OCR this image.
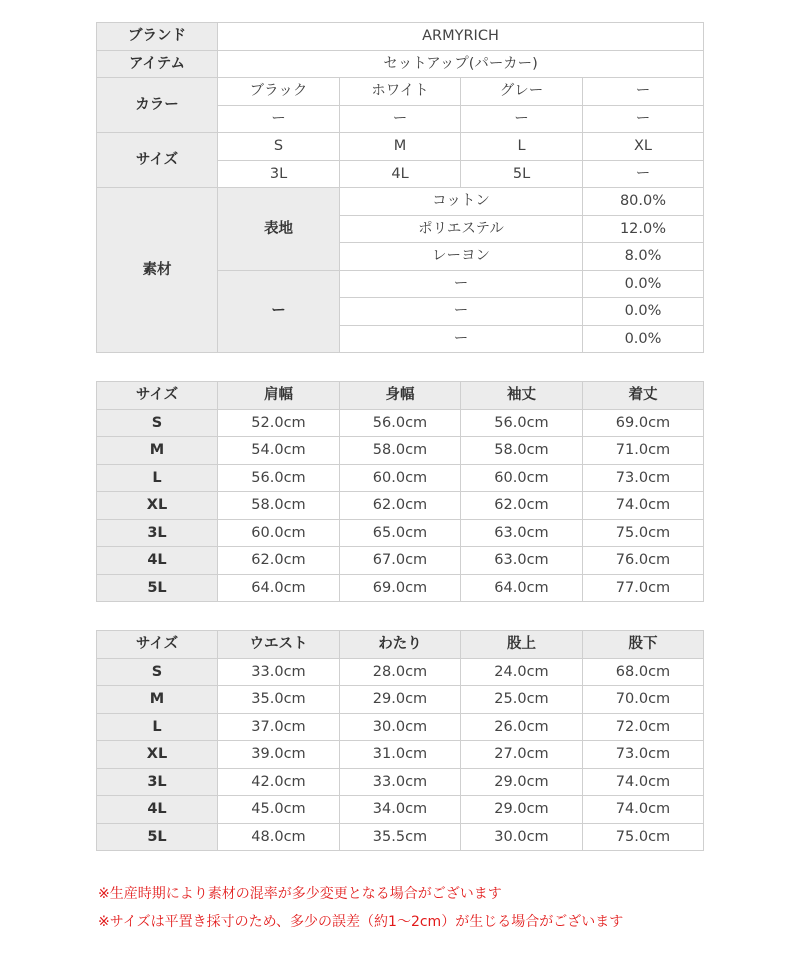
ブランド	ARMYRICH			
アイテム	セットアップ(パーカー)			
カラー	ブラック	ホワイト	グレー	ー
	ー	ー	ー	ー
サイズ	S	M	L	XL
	3L	4L	5L	ー
素材	表地	コットン		80.0%
		ポリエステル		12.0%
		レーヨン		8.0%
	ー	ー		0.0%
		ー		0.0%
		ー		0.0%
サイズ	肩幅	身幅	袖丈	着丈
S	52.0cm	56.0cm	56.0cm	69.0cm
M	54.0cm	58.0cm	58.0cm	71.0cm
L	56.0cm	60.0cm	60.0cm	73.0cm
XL	58.0cm	62.0cm	62.0cm	74.0cm
3L	60.0cm	65.0cm	63.0cm	75.0cm
4L	62.0cm	67.0cm	63.0cm	76.0cm
5L	64.0cm	69.0cm	64.0cm	77.0cm
サイズ	ウエスト	わたり	股上	股下
S	33.0cm	28.0cm	24.0cm	68.0cm
M	35.0cm	29.0cm	25.0cm	70.0cm
L	37.0cm	30.0cm	26.0cm	72.0cm
XL	39.0cm	31.0cm	27.0cm	73.0cm
3L	42.0cm	33.0cm	29.0cm	74.0cm
4L	45.0cm	34.0cm	29.0cm	74.0cm
5L	48.0cm	35.5cm	30.0cm	75.0cm
※生産時期により素材の混率が多少変更となる場合がございます
※サイズは平置き採寸のため、多少の誤差（約1～2cm）が生じる場合がございます
